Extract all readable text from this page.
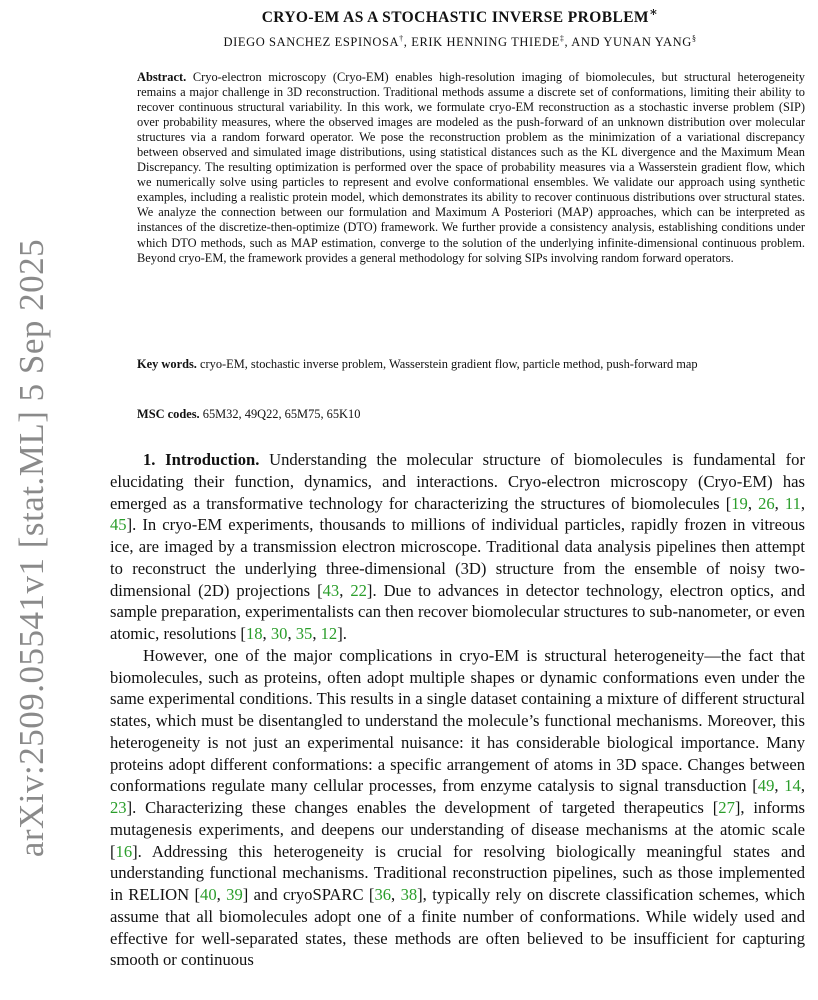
arXiv:2509.05541v1 [stat.ML] 5 Sep 2025
CRYO-EM AS A STOCHASTIC INVERSE PROBLEM∗
DIEGO SANCHEZ ESPINOSA†, ERIK HENNING THIEDE‡, AND YUNAN YANG§
Abstract. Cryo-electron microscopy (Cryo-EM) enables high-resolution imaging of biomolecules, but structural heterogeneity remains a major challenge in 3D reconstruction. Traditional methods assume a discrete set of conformations, limiting their ability to recover continuous structural variability. In this work, we formulate cryo-EM reconstruction as a stochastic inverse problem (SIP) over probability measures, where the observed images are modeled as the push-forward of an unknown distribution over molecular structures via a random forward operator. We pose the reconstruction problem as the minimization of a variational discrepancy between observed and simulated image distributions, using statistical distances such as the KL divergence and the Maximum Mean Discrepancy. The resulting optimization is performed over the space of probability measures via a Wasserstein gradient flow, which we numerically solve using particles to represent and evolve conformational ensembles. We validate our approach using synthetic examples, including a realistic protein model, which demonstrates its ability to recover continuous distributions over structural states. We analyze the connection between our formulation and Maximum A Posteriori (MAP) approaches, which can be interpreted as instances of the discretize-then-optimize (DTO) framework. We further provide a consistency analysis, establishing conditions under which DTO methods, such as MAP estimation, converge to the solution of the underlying infinite-dimensional continuous problem. Beyond cryo-EM, the framework provides a general methodology for solving SIPs involving random forward operators.
Key words. cryo-EM, stochastic inverse problem, Wasserstein gradient flow, particle method, push-forward map
MSC codes. 65M32, 49Q22, 65M75, 65K10

1. Introduction. Understanding the molecular structure of biomolecules is fundamental for elucidating their function, dynamics, and interactions. Cryo-electron microscopy (Cryo-EM) has emerged as a transformative technology for characterizing the structures of biomolecules [19, 26, 11, 45]. In cryo-EM experiments, thousands to millions of individual particles, rapidly frozen in vitreous ice, are imaged by a transmission electron microscope. Traditional data analysis pipelines then attempt to reconstruct the underlying three-dimensional (3D) structure from the ensemble of noisy two-dimensional (2D) projections [43, 22]. Due to advances in detector technology, electron optics, and sample preparation, experimentalists can then recover biomolecular structures to sub-nanometer, or even atomic, resolutions [18, 30, 35, 12].

However, one of the major complications in cryo-EM is structural heterogeneity—the fact that biomolecules, such as proteins, often adopt multiple shapes or dynamic conformations even under the same experimental conditions. This results in a single dataset containing a mixture of different structural states, which must be disentangled to understand the molecule’s functional mechanisms. Moreover, this heterogeneity is not just an experimental nuisance: it has considerable biological importance. Many proteins adopt different conformations: a specific arrangement of atoms in 3D space. Changes between conformations regulate many cellular processes, from enzyme catalysis to signal transduction [49, 14, 23]. Characterizing these changes enables the development of targeted therapeutics [27], informs mutagenesis experiments, and deepens our understanding of disease mechanisms at the atomic scale [16]. Addressing this heterogeneity is crucial for resolving biologically meaningful states and understanding functional mechanisms. Traditional reconstruction pipelines, such as those implemented in RELION [40, 39] and cryoSPARC [36, 38], typically rely on discrete classification schemes, which assume that all biomolecules adopt one of a finite number of conformations. While widely used and effective for well-separated states, these methods are often believed to be insufficient for capturing smooth or continuous
